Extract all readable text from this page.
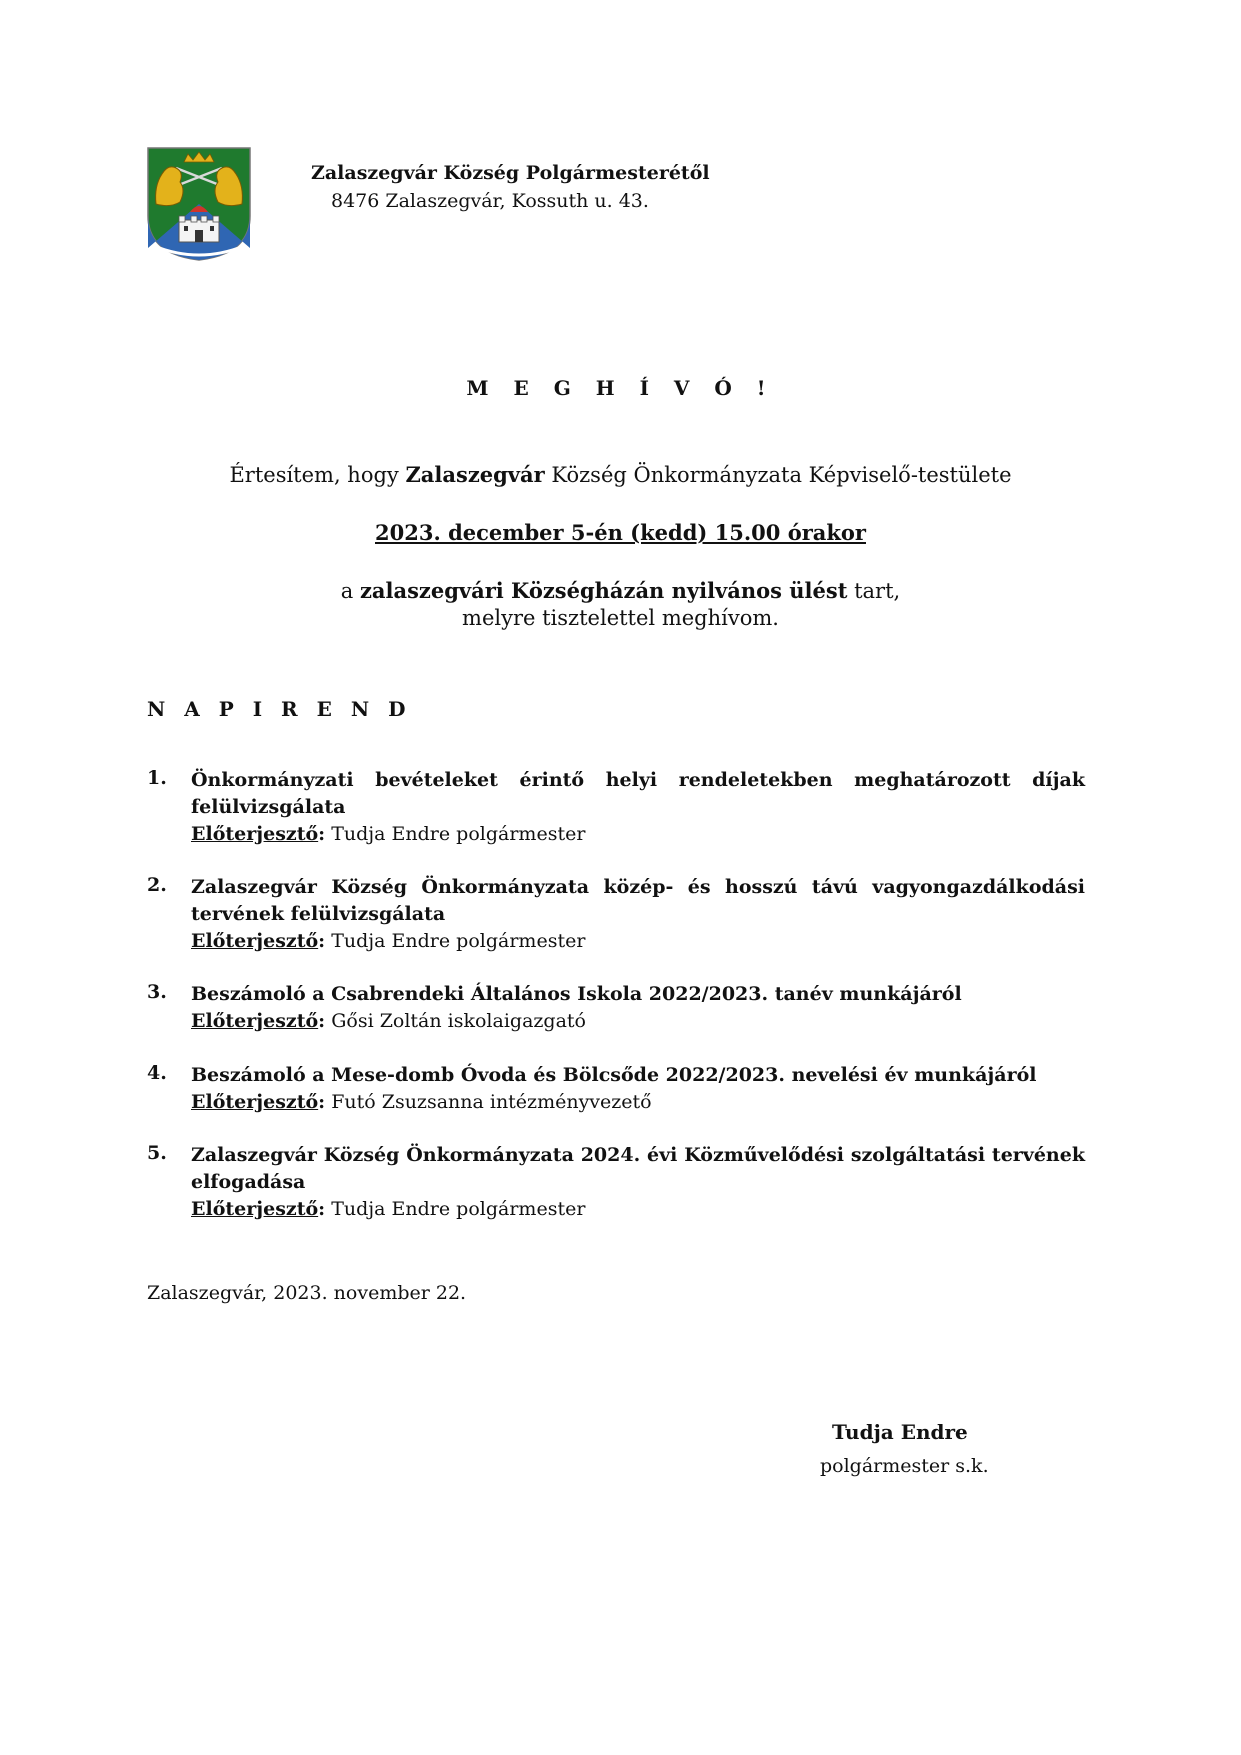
Zalaszegvár Község Polgármesterétől
8476 Zalaszegvár, Kossuth u. 43.
M E G H Í V Ó !
Értesítem, hogy Zalaszegvár Község Önkormányzata Képviselő-testülete
2023. december 5-én (kedd) 15.00 órakor
a zalaszegvári Községházán nyilvános ülést tart,
melyre tisztelettel meghívom.
N A P I R E N D
1.	Önkormányzati bevételeket érintő helyi rendeletekben meghatározott díjak felülvizsgálata
Előterjesztő: Tudja Endre polgármester
2.	Zalaszegvár Község Önkormányzata közép- és hosszú távú vagyongazdálkodási tervének felülvizsgálata
Előterjesztő: Tudja Endre polgármester
3.	Beszámoló a Csabrendeki Általános Iskola 2022/2023. tanév munkájáról
Előterjesztő: Gősi Zoltán iskolaigazgató
4.	Beszámoló a Mese-domb Óvoda és Bölcsőde 2022/2023. nevelési év munkájáról
Előterjesztő: Futó Zsuzsanna intézményvezető
5.	Zalaszegvár Község Önkormányzata 2024. évi Közművelődési szolgáltatási tervének elfogadása
Előterjesztő: Tudja Endre polgármester
Zalaszegvár, 2023. november 22.
Tudja Endre
polgármester s.k.
